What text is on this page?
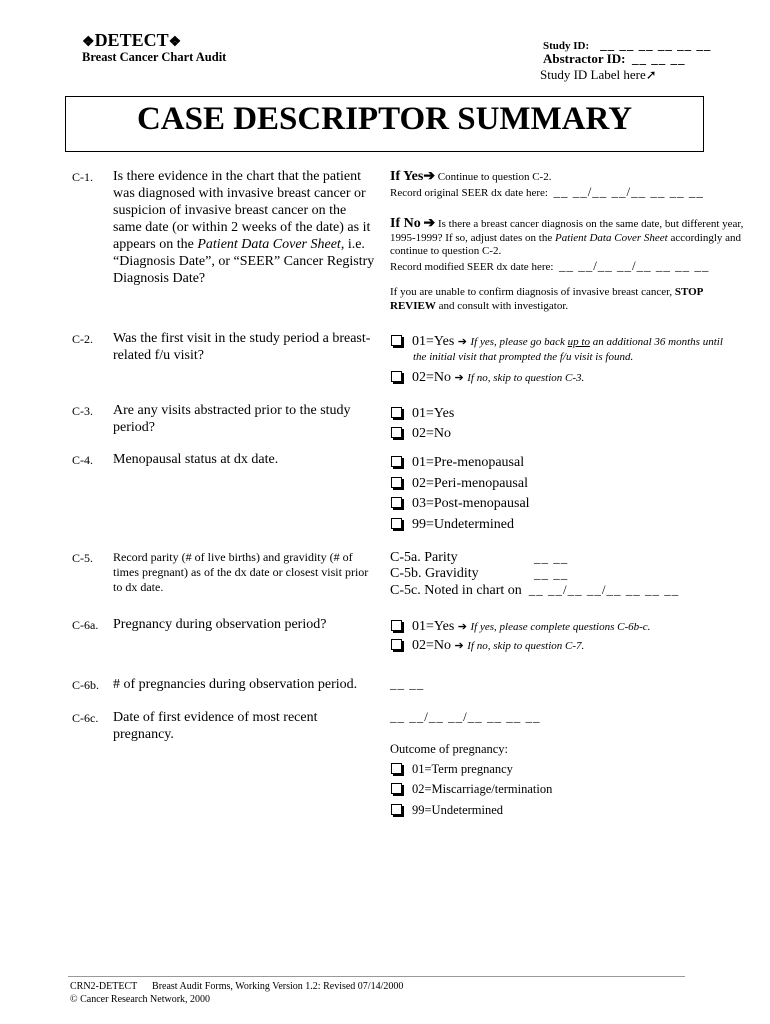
❖DETECT❖
Breast Cancer Chart Audit
Study ID: __ __ __ __ __ __
Abstractor ID: __ __ __
Study ID Label here➚
CASE DESCRIPTOR SUMMARY
C-1. Is there evidence in the chart that the patient was diagnosed with invasive breast cancer or suspicion of invasive breast cancer on the same date (or within 2 weeks of the date) as it appears on the Patient Data Cover Sheet, i.e. “Diagnosis Date”, or “SEER” Cancer Registry Diagnosis Date?
If Yes➔ Continue to question C-2.
Record original SEER dx date here: __ __/__ __/__ __ __ __
If No ➔ Is there a breast cancer diagnosis on the same date, but different year, 1995-1999? If so, adjust dates on the Patient Data Cover Sheet accordingly and continue to question C-2.
Record modified SEER dx date here: __ __/__ __/__ __ __ __
If you are unable to confirm diagnosis of invasive breast cancer, STOP REVIEW and consult with investigator.
C-2. Was the first visit in the study period a breast-related f/u visit?
01=Yes ➔ If yes, please go back up to an additional 36 months until
the initial visit that prompted the f/u visit is found.
02=No ➔ If no, skip to question C-3.
C-3. Are any visits abstracted prior to the study period?
01=Yes
02=No
C-4. Menopausal status at dx date.	01=Pre-menopausal
02=Peri-menopausal
03=Post-menopausal
99=Undetermined
C-5. Record parity (# of live births) and gravidity (# of times pregnant) as of the dx date or closest visit prior to dx date.
C-5a. Parity	__ __
C-5b. Gravidity	__ __
C-5c. Noted in chart on __ __/__ __/__ __ __ __
C-6a. Pregnancy during observation period?	01=Yes ➔ If yes, please complete questions C-6b-c.
02=No ➔ If no, skip to question C-7.
C-6b. # of pregnancies during observation period.	__ __
C-6c. Date of first evidence of most recent pregnancy.
__ __/__ __/__ __ __ __
Outcome of pregnancy:
01=Term pregnancy
02=Miscarriage/termination
99=Undetermined
CRN2-DETECT      Breast Audit Forms, Working Version 1.2: Revised 07/14/2000
© Cancer Research Network, 2000
